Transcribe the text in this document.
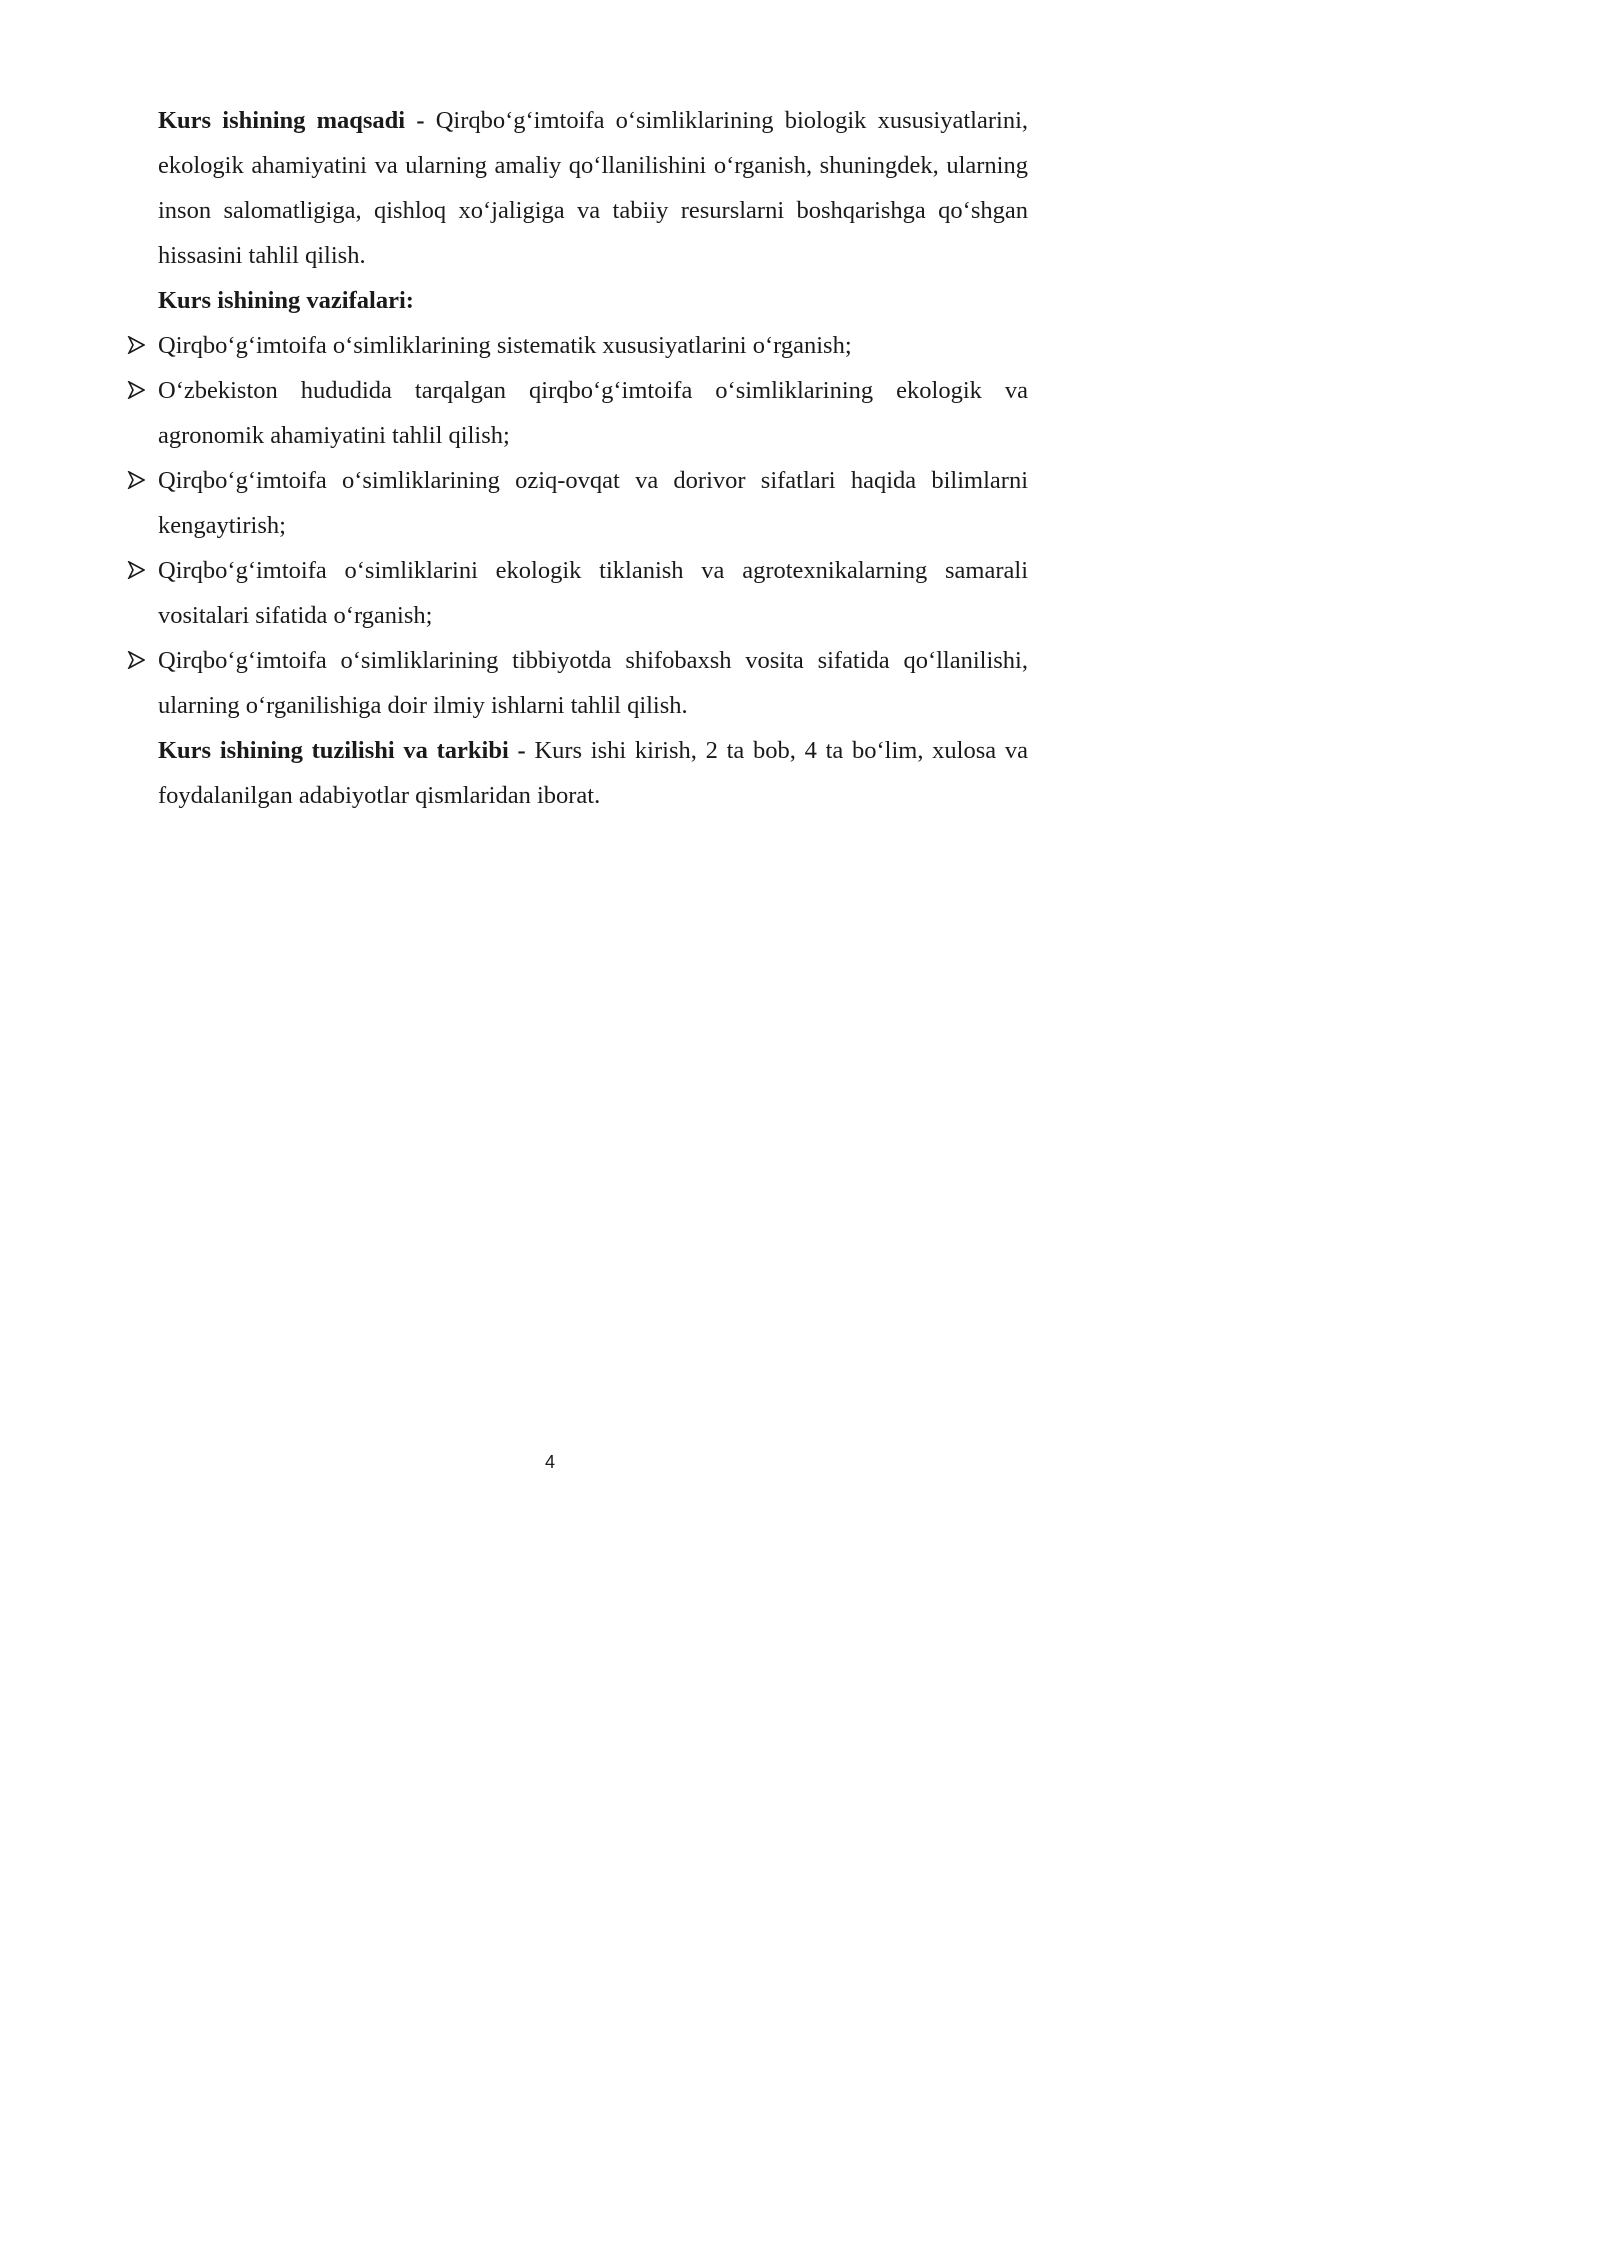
Kurs ishining maqsadi - Qirqbo‘g‘imtoifa o‘simliklarining biologik xususiyatlarini, ekologik ahamiyatini va ularning amaliy qo‘llanilishini o‘rganish, shuningdek, ularning inson salomatligiga, qishloq xo‘jaligiga va tabiiy resurslarni boshqarishga qo‘shgan hissasini tahlil qilish.

Kurs ishining vazifalari:

Qirqbo‘g‘imtoifa o‘simliklarining sistematik xususiyatlarini o‘rganish;
O‘zbekiston hududida tarqalgan qirqbo‘g‘imtoifa o‘simliklarining ekologik va agronomik ahamiyatini tahlil qilish;
Qirqbo‘g‘imtoifa o‘simliklarining oziq-ovqat va dorivor sifatlari haqida bilimlarni kengaytirish;
Qirqbo‘g‘imtoifa o‘simliklarini ekologik tiklanish va agrotexnikalarning samarali vositalari sifatida o‘rganish;
Qirqbo‘g‘imtoifa o‘simliklarining tibbiyotda shifobaxsh vosita sifatida qo‘llanilishi, ularning o‘rganilishiga doir ilmiy ishlarni tahlil qilish.

Kurs ishining tuzilishi va tarkibi - Kurs ishi kirish, 2 ta bob, 4 ta bo‘lim, xulosa va foydalanilgan adabiyotlar qismlaridan iborat.

4
